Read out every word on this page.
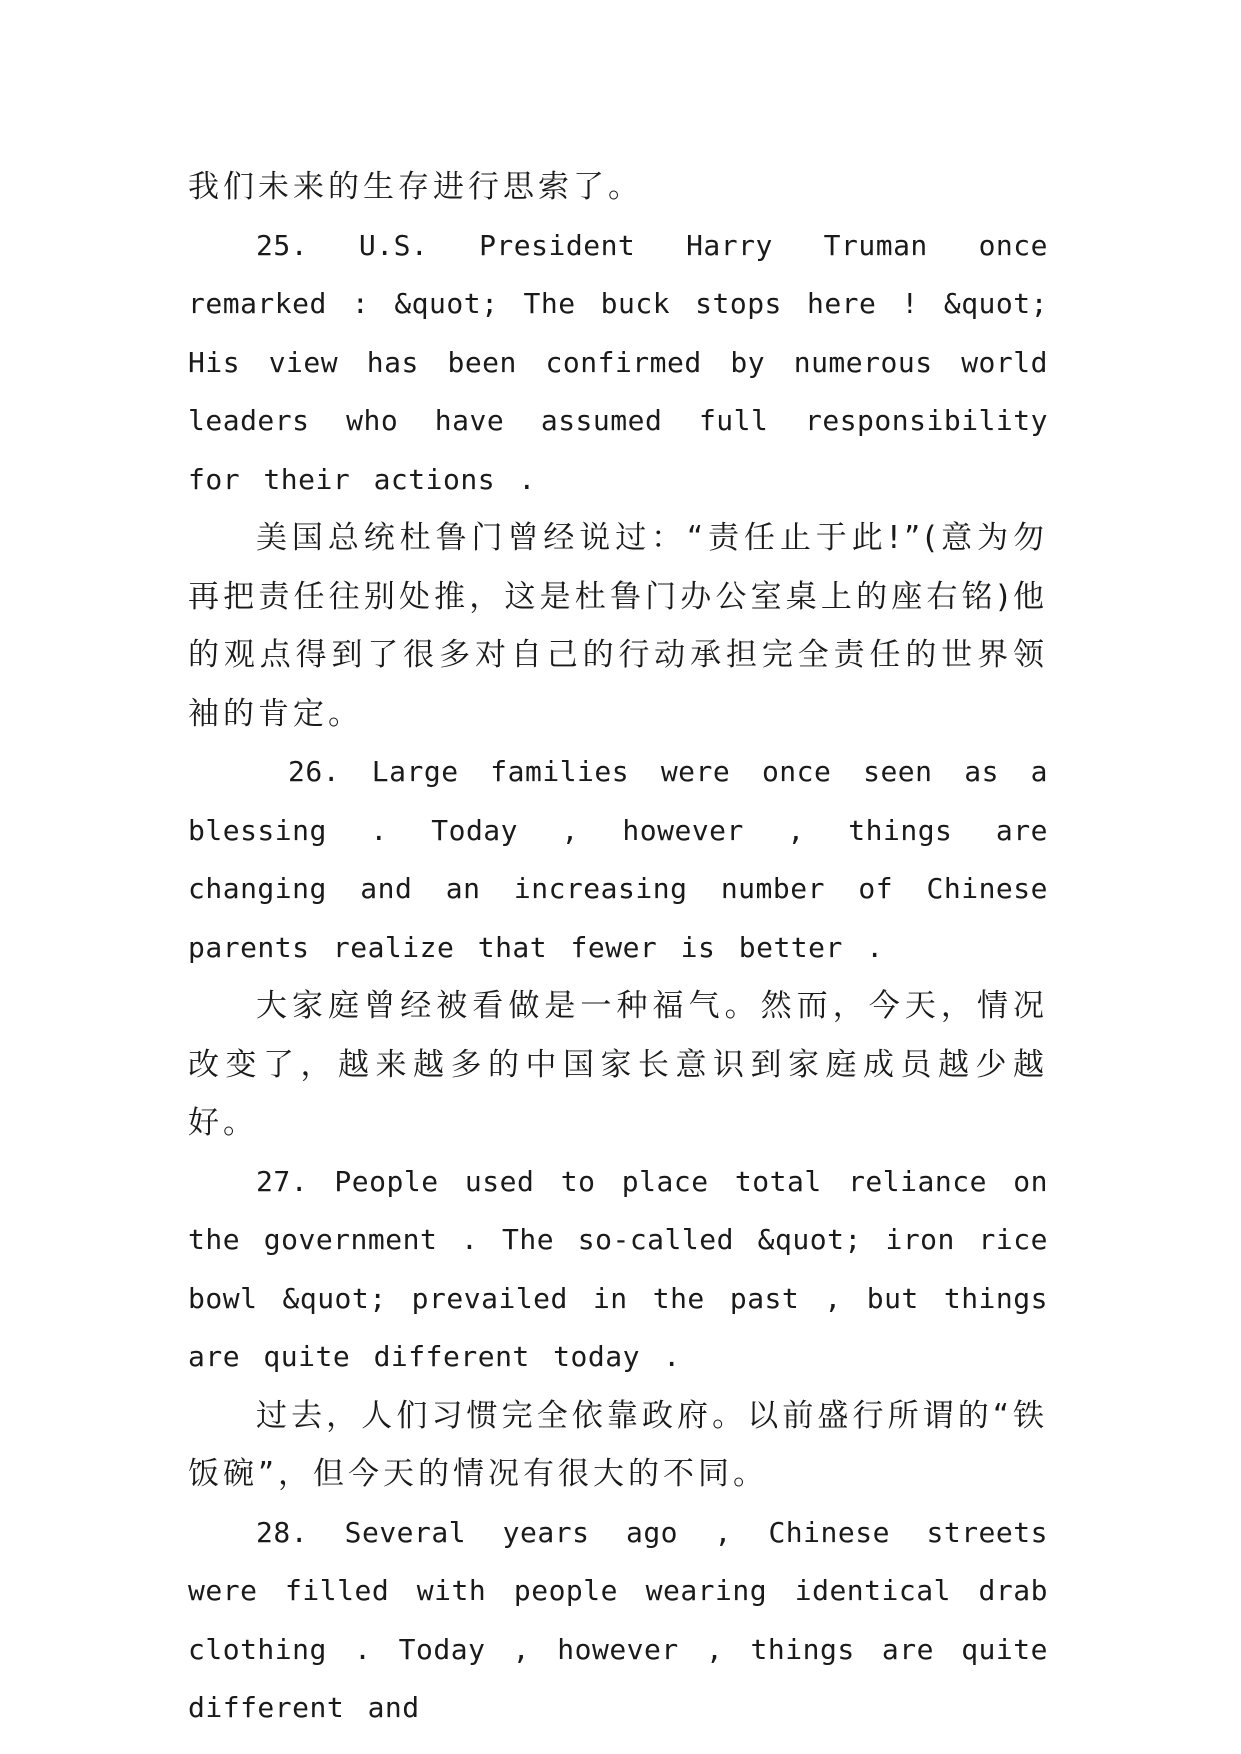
我们未来的生存进行思索了。

25. U.S. President Harry Truman once remarked : &quot; The buck stops here ! &quot; His view has been confirmed by numerous world leaders who have assumed full responsibility for their actions .

美国总统杜鲁门曾经说过：“责任止于此!”(意为勿再把责任往别处推，这是杜鲁门办公室桌上的座右铭)他的观点得到了很多对自己的行动承担完全责任的世界领袖的肯定。

26. Large families were once seen as a blessing . Today , however , things are changing and an increasing number of Chinese parents realize that fewer is better .

大家庭曾经被看做是一种福气。然而，今天，情况改变了，越来越多的中国家长意识到家庭成员越少越好。

27. People used to place total reliance on the government . The so-called &quot; iron rice bowl &quot; prevailed in the past , but things are quite different today .

过去，人们习惯完全依靠政府。以前盛行所谓的“铁饭碗”，但今天的情况有很大的不同。

28. Several years ago , Chinese streets were filled with people wearing identical drab clothing . Today , however , things are quite different and
